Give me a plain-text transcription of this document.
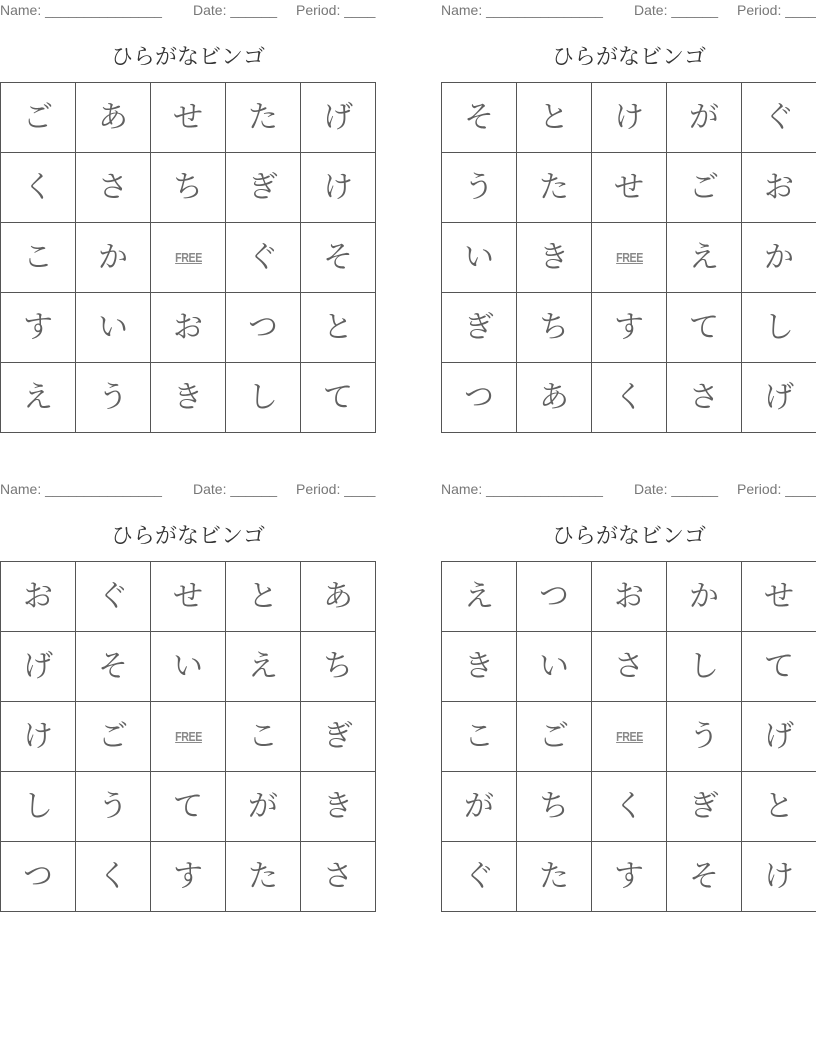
Name: _______________ Date: ______ Period: ____
ひらがなビンゴ
ご	あ	せ	た	げ
く	さ	ち	ぎ	け
こ	か	FREE	ぐ	そ
す	い	お	つ	と
え	う	き	し	て
Name: _______________ Date: ______ Period: ____
ひらがなビンゴ
そ	と	け	が	ぐ
う	た	せ	ご	お
い	き	FREE	え	か
ぎ	ち	す	て	し
つ	あ	く	さ	げ
Name: _______________ Date: ______ Period: ____
ひらがなビンゴ
お	ぐ	せ	と	あ
げ	そ	い	え	ち
け	ご	FREE	こ	ぎ
し	う	て	が	き
つ	く	す	た	さ
Name: _______________ Date: ______ Period: ____
ひらがなビンゴ
え	つ	お	か	せ
き	い	さ	し	て
こ	ご	FREE	う	げ
が	ち	く	ぎ	と
ぐ	た	す	そ	け
